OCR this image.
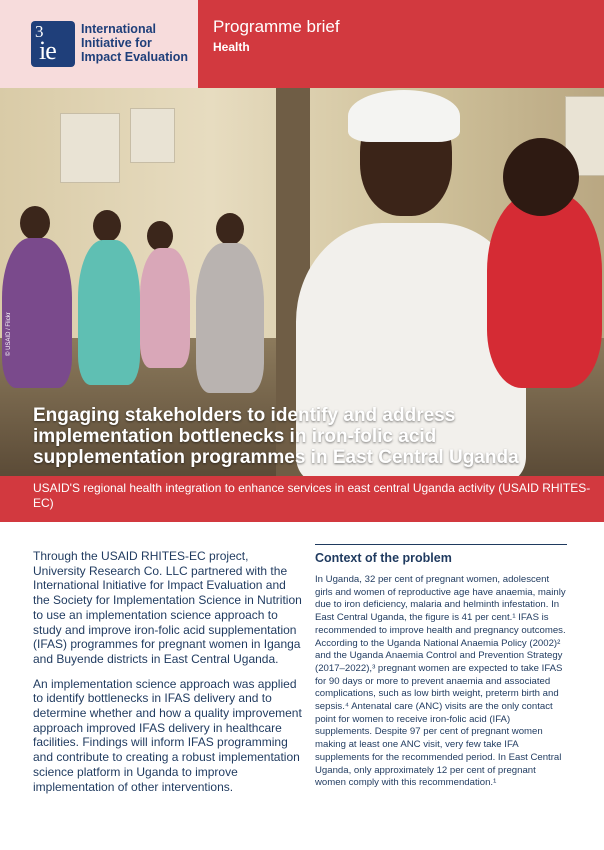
3
ie
International
Initiative for
Impact Evaluation
Programme brief
Health
© USAID / Flickr
Engaging stakeholders to identify and address
implementation bottlenecks in iron-folic acid
supplementation programmes in East Central Uganda
USAID'S regional health integration to enhance services in east central Uganda activity (USAID RHITES-EC)

Through the USAID RHITES-EC project, University Research Co. LLC partnered with the International Initiative for Impact Evaluation and the Society for Implementation Science in Nutrition to use an implementation science approach to study and improve iron-folic acid supplementation (IFAS) programmes for pregnant women in Iganga and Buyende districts in East Central Uganda.

An implementation science approach was applied to identify bottlenecks in IFAS delivery and to determine whether and how a quality improvement approach improved IFAS delivery in healthcare facilities. Findings will inform IFAS programming and contribute to creating a robust implementation science platform in Uganda to improve implementation of other interventions.

Context of the problem
In Uganda, 32 per cent of pregnant women, adolescent girls and women of reproductive age have anaemia, mainly due to iron deficiency, malaria and helminth infestation. In East Central Uganda, the figure is 41 per cent.¹ IFAS is recommended to improve health and pregnancy outcomes. According to the Uganda National Anaemia Policy (2002)² and the Uganda Anaemia Control and Prevention Strategy (2017–2022),³ pregnant women are expected to take IFAS for 90 days or more to prevent anaemia and associated complications, such as low birth weight, preterm birth and sepsis.⁴ Antenatal care (ANC) visits are the only contact point for women to receive iron-folic acid (IFA) supplements. Despite 97 per cent of pregnant women making at least one ANC visit, very few take IFA supplements for the recommended period. In East Central Uganda, only approximately 12 per cent of pregnant women comply with this recommendation.¹
